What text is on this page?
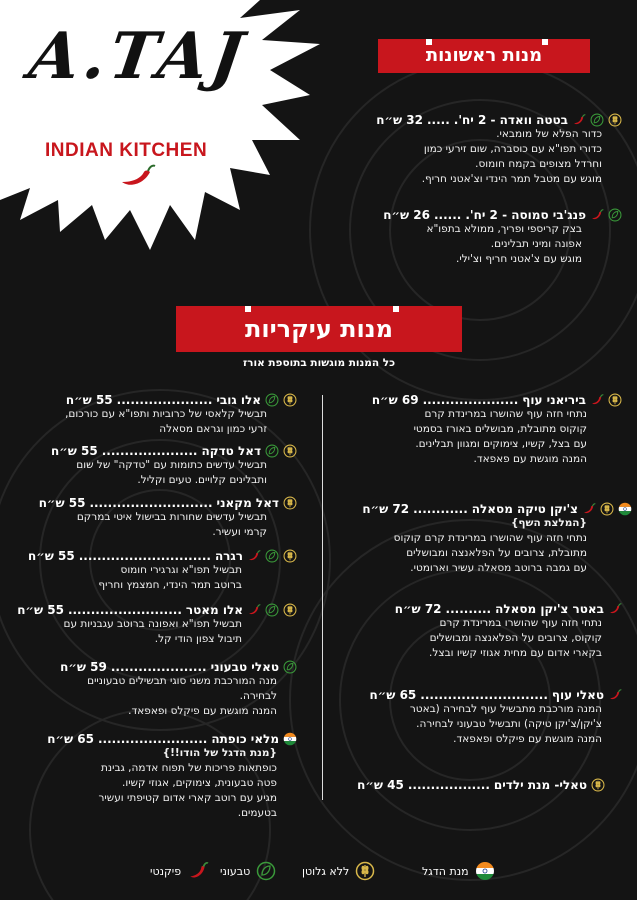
A.TAJ
INDIAN KITCHEN
מנות ראשונות
מנות עיקריות
כל המנות מוגשות בתוספת אורז
בטטה וואדה - 2 יח'.
.....
32 ש״ח
כדור הפלא של מומבאי.
כדורי תפו"א עם כוסברה, שום זירעי כמון
וחרדל מצופים בקמח חומוס.
מוגש עם מטבל תמר הינדי וצ'אטני חריף.
פנג'בי סמוסה - 2 יח'.
......
26 ש״ח
בצק קריספי ופריך, ממולא בתפו"א
אפונה ומיני תבלינים.
מוגש עם צ'אטני חריף וצ'ילי.
ביריאני עוף
.....................
69 ש״ח
נתחי חזה עוף שהושרו במרינדת קרם
קוקוס מתובלת, מבושלים באורז בסמטי
עם בצל, קשיו, צימוקים ומגוון תבלינים.
המנה מוגשת עם פאפאד.
צ'יקן טיקה מסאלה
............
72 ש״ח
{המלצת השף}
נתחי חזה עוף שהושרו במרינדת קרם קוקוס
מתובלת, צרובים על הפלאנצה ומבושלים
עם גמבה ברוטב מסאלה עשיר וארומטי.
באטר צ'יקן מסאלה
..........
72 ש״ח
נתחי חזה עוף שהושרו במרינדת קרם
קוקוס, צרובים על הפלאנצה ומבושלים
בקארי אדום עם מחית אגוזי קשיו ובצל.
טאלי עוף
............................
65 ש״ח
המנה מורכבת מתבשיל עוף לבחירה (באטר
צ'יקן/צ'יקן טיקה) ותבשיל טבעוני לבחירה.
המנה מוגשת עם פיקלס ופאפאד.
טאלי- מנת ילדים
..................
45 ש״ח
אלו גובי
.....................
55 ש״ח
תבשיל קלאסי של כרוביות ותפו"א עם כורכום,
זרעי כמון וגראם מסאלה
דאל טדקה
.....................
55 ש״ח
תבשיל עדשים כתומות עם "טדקה" של שום
ותבלינים קלויים. טעים וקליל.
דאל מקאני
...........................
55 ש״ח
תבשיל עדשים שחורות בבישול איטי במרקם
קרמי ועשיר.
רגרה
.............................
55 ש״ח
תבשיל תפו"א וגרגירי חומוס
ברוטב תמר הינדי, חמצמץ וחריף
אלו מאטר
.........................
55 ש״ח
תבשיל תפו"א ואפונה ברוטב עגבניות עם
תיבול צפון הודי קל.
טאלי טבעוני
.....................
59 ש״ח
מנה המורכבת משני סוגי תבשילים טבעוניים
לבחירה.
המנה מוגשת עם פיקלס ופאפאד.
מלאי כופתה
........................
65 ש״ח
{מנת הדגל של הודו!!}
כופתאות פריכות של תפוח אדמה, גבינת
פטה טבעונית, צימוקים, אגוזי קשיו.
מגיע עם רוטב קארי אדום קטיפתי ועשיר
בטעמים.
מנת הדגל
ללא גלוטן
טבעוני
פיקנטי
